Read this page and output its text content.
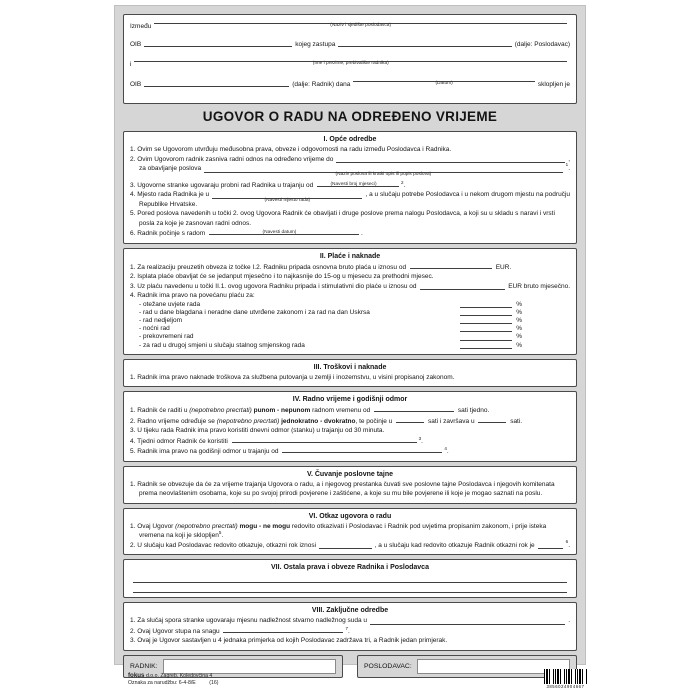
Između	(Naziv i sjedište poslodavca)
OIB	kojeg zastupa	(dalje: Poslodavac)
i	(Ime i prezime, prebivalište radnika)
OIB	(dalje: Radnik) dana	(Datum)	sklopljen je
UGOVOR O RADU NA ODREĐENO VRIJEME
I. Opće odredbe

1. Ovim se Ugovorom utvrđuju međusobna prava, obveze i odgovornosti na radu između Poslodavca i Radnika.

2. Ovim Ugovorom radnik zasniva radni odnos na određeno vrijeme do	,
za obavljanje poslova
(Naziv poslova ili kratki opis ili popis poslova)
1
.

3. Ugovorne stranke ugovaraju probni rad Radnika u trajanju od	(Navesti broj mjeseci)	$^2$.

4. Mjesto rada Radnika je u
(Navesti mjesto rada)
, a u slučaju potrebe Poslodavca i u nekom drugom mjestu na području

Republike Hrvatske.

5. Pored poslova navedenih u točki 2. ovog Ugovora Radnik će obavljati i druge poslove prema nalogu Poslodavca, a koji su u skladu s naravi i vrsti posla za koje je zasnovan radni odnos.

6. Radnik počinje s radom	(Navesti datum)	.

II. Plaće i naknade

1. Za realizaciju preuzetih obveza iz točke I.2. Radniku pripada osnovna bruto plaća u iznosu od	EUR.

2. Isplata plaće obavljat će se jedanput mjesečno i to najkasnije do 15-og u mjesecu za prethodni mjesec.

3. Uz plaću navedenu u točki II.1. ovog ugovora Radniku pripada i stimulativni dio plaće u iznosu od	EUR bruto mjesečno.

4. Radnik ima pravo na povećanu plaću za:

- otežane uvjete rada	%
- rad u dane blagdana i neradne dane utvrđene zakonom i za rad na dan Uskrsa	%
- rad nedjeljom	%
- noćni rad	%
- prekovremeni rad	%
- za rad u drugoj smjeni u slučaju stalnog smjenskog rada	%
III. Troškovi i naknade

1. Radnik ima pravo naknade troškova za službena putovanja u zemlji i inozemstvu, u visini propisanoj zakonom.

IV. Radno vrijeme i godišnji odmor

1. Radnik će raditi u (nepotrebno precrtati) punom - nepunom radnom vremenu od	sati tjedno.

2. Radno vrijeme određuje se (nepotrebno precrtati) jednokratno - dvokratno, te počinje u	sati i završava u	sati.

3. U tijeku rada Radnik ima pravo koristiti dnevni odmor (stanku) u trajanju od 30 minuta.

4. Tjedni odmor Radnik će koristiti	$^3$.

5. Radnik ima pravo na godišnji odmor u trajanju od	$^4$.

V. Čuvanje poslovne tajne

1. Radnik se obvezuje da će za vrijeme trajanja Ugovora o radu, a i njegovog prestanka čuvati sve poslovne tajne Poslodavca i njegovih komitenata prema neovlaštenim osobama, koje su po svojoj prirodi povjerene i zaštićene, a koje su mu bile povjerene ili koje je mogao saznati na poslu.

VI. Otkaz ugovora o radu

1. Ovaj Ugovor (nepotrebno precrtati) mogu - ne mogu redovito otkazivati i Poslodavac i Radnik pod uvjetima propisanim zakonom, i prije isteka vremena na koji je sklopljen$^5$.

2. U slučaju kad Poslodavac redovito otkazuje, otkazni rok iznosi	, a u slučaju kad redovito otkazuje Radnik otkazni rok je
6
.
VII. Ostala prava i obveze Radnika i Poslodavca
VIII. Zaključne odredbe
1. Za slučaj spora stranke ugovaraju mjesnu nadležnost stvarno nadležnog suda u	.

2. Ovaj Ugovor stupa na snagu	$^7$.

3. Ovaj je Ugovor sastavljen u 4 jednaka primjerka od kojih Poslodavac zadržava tri, a Radnik jedan primjerak.

RADNIK:	POSLODAVAC:
fokus d.o.o. Zagreb, Koledovčina 4
Oznaka za narudžbu: 6-4-8/E	(16)
3856024904667
